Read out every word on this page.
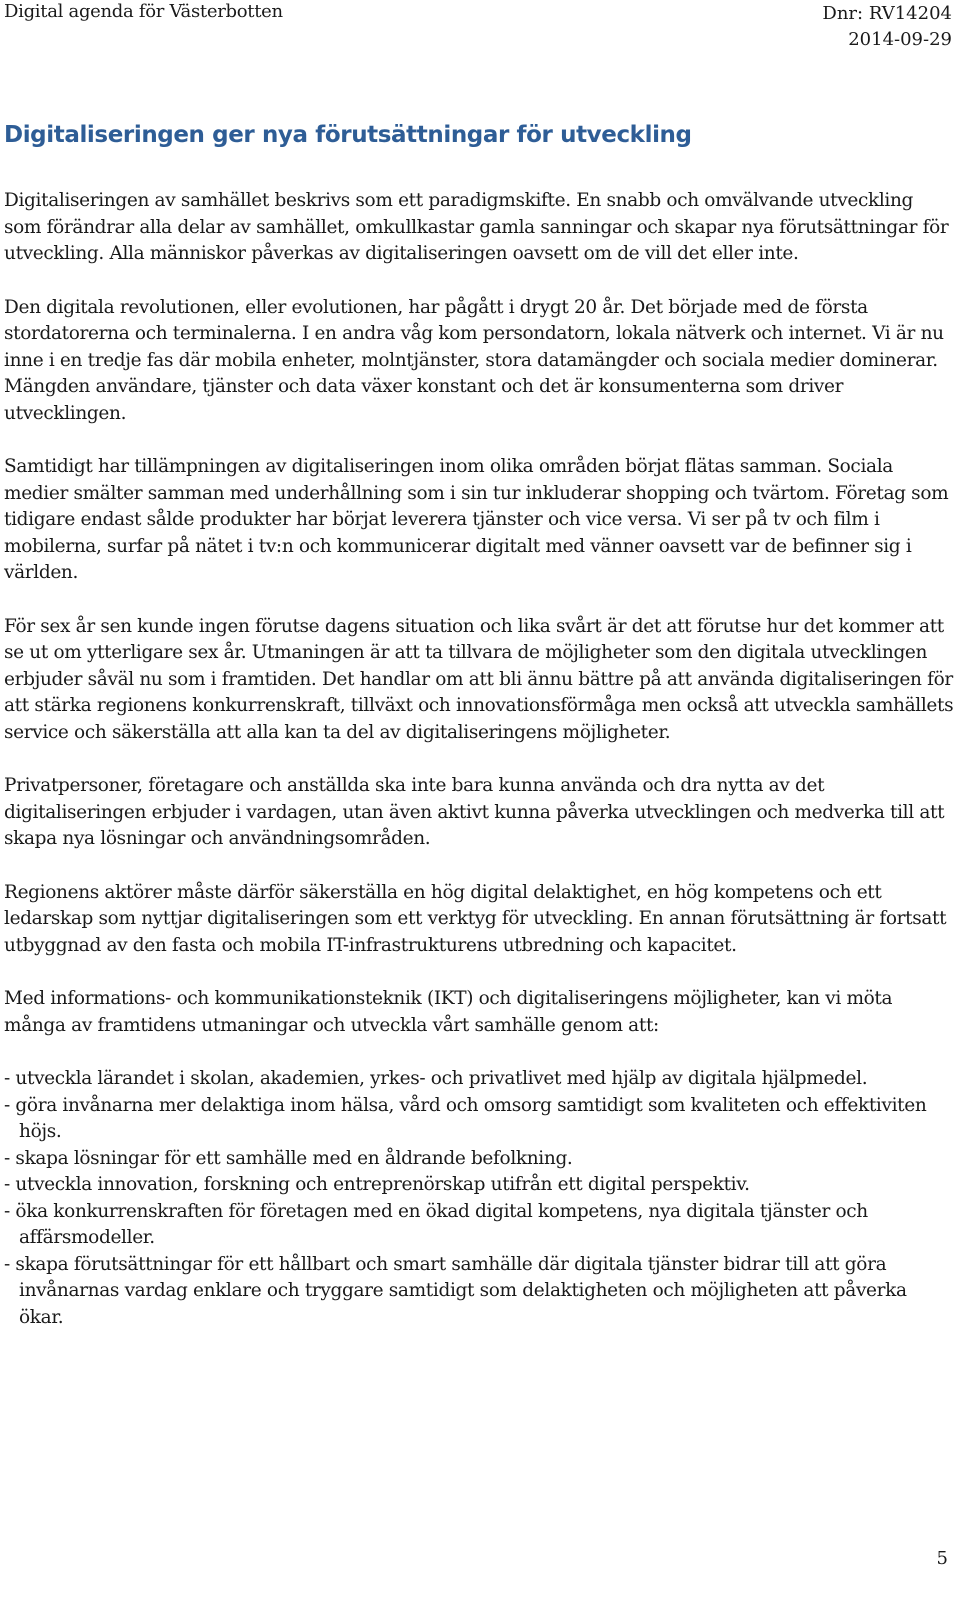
Digital agenda för Västerbotten	Dnr: RV14204
2014-09-29
Digitaliseringen ger nya förutsättningar för utveckling

Digitaliseringen av samhället beskrivs som ett paradigmskifte. En snabb och omvälvande utveckling som förändrar alla delar av samhället, omkullkastar gamla sanningar och skapar nya förutsättningar för utveckling. Alla människor påverkas av digitaliseringen oavsett om de vill det eller inte.

Den digitala revolutionen, eller evolutionen, har pågått i drygt 20 år. Det började med de första stordatorerna och terminalerna. I en andra våg kom persondatorn, lokala nätverk och internet. Vi är nu inne i en tredje fas där mobila enheter, molntjänster, stora datamängder och sociala medier dominerar. Mängden användare, tjänster och data växer konstant och det är konsumenterna som driver utvecklingen.

Samtidigt har tillämpningen av digitaliseringen inom olika områden börjat flätas samman. Sociala medier smälter samman med underhållning som i sin tur inkluderar shopping och tvärtom. Företag som tidigare endast sålde produkter har börjat leverera tjänster och vice versa. Vi ser på tv och film i mobilerna, surfar på nätet i tv:n och kommunicerar digitalt med vänner oavsett var de befinner sig i världen.

För sex år sen kunde ingen förutse dagens situation och lika svårt är det att förutse hur det kommer att se ut om ytterligare sex år. Utmaningen är att ta tillvara de möjligheter som den digitala utvecklingen erbjuder såväl nu som i framtiden. Det handlar om att bli ännu bättre på att använda digitaliseringen för att stärka regionens konkurrenskraft, tillväxt och innovationsförmåga men också att utveckla samhällets service och säkerställa att alla kan ta del av digitaliseringens möjligheter.

Privatpersoner, företagare och anställda ska inte bara kunna använda och dra nytta av det digitaliseringen erbjuder i vardagen, utan även aktivt kunna påverka utvecklingen och medverka till att skapa nya lösningar och användningsområden.

Regionens aktörer måste därför säkerställa en hög digital delaktighet, en hög kompetens och ett ledarskap som nyttjar digitaliseringen som ett verktyg för utveckling. En annan förutsättning är fortsatt utbyggnad av den fasta och mobila IT-infrastrukturens utbredning och kapacitet.

Med informations- och kommunikationsteknik (IKT) och digitaliseringens möjligheter, kan vi möta många av framtidens utmaningar och utveckla vårt samhälle genom att:

- utveckla lärandet i skolan, akademien, yrkes- och privatlivet med hjälp av digitala hjälpmedel.
- göra invånarna mer delaktiga inom hälsa, vård och omsorg samtidigt som kvaliteten och effektiviten höjs.
- skapa lösningar för ett samhälle med en åldrande befolkning.
- utveckla innovation, forskning och entreprenörskap utifrån ett digital perspektiv.
- öka konkurrenskraften för företagen med en ökad digital kompetens, nya digitala tjänster och affärsmodeller.
- skapa förutsättningar för ett hållbart och smart samhälle där digitala tjänster bidrar till att göra invånarnas vardag enklare och tryggare samtidigt som delaktigheten och möjligheten att påverka ökar.
5
